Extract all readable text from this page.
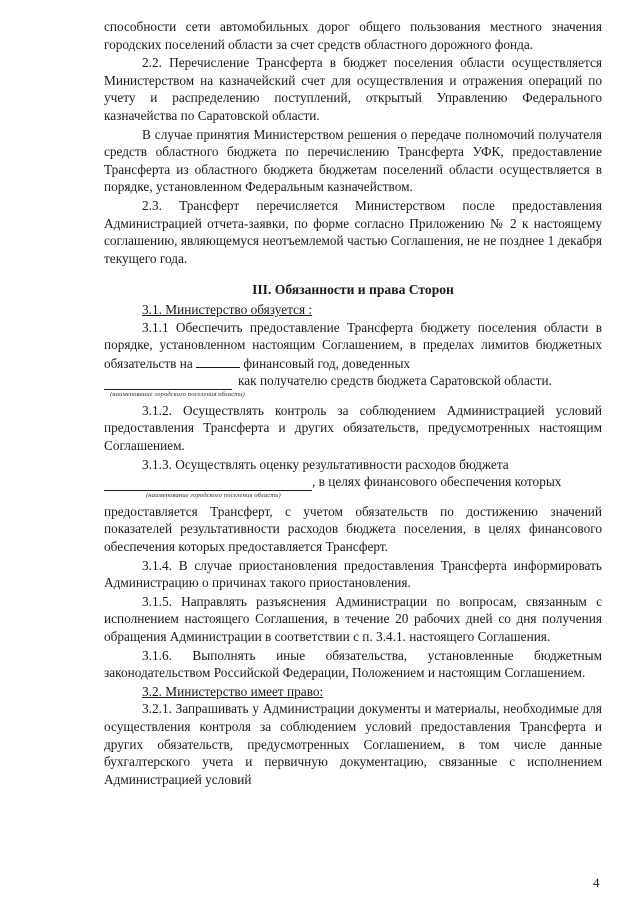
способности сети автомобильных дорог общего пользования местного значения городских поселений области за счет средств областного дорожного фонда.

2.2. Перечисление Трансферта в бюджет поселения области осуществляется Министерством на казначейский счет для осуществления и отражения операций по учету и распределению поступлений, открытый Управлению Федерального казначейства по Саратовской области.

В случае принятия Министерством решения о передаче полномочий получателя средств областного бюджета по перечислению Трансферта УФК, предоставление Трансферта из областного бюджета бюджетам поселений области осуществляется в порядке, установленном Федеральным казначейством.

2.3. Трансферт перечисляется Министерством после предоставления Администрацией отчета-заявки, по форме согласно Приложению № 2 к настоящему соглашению, являющемуся неотъемлемой частью Соглашения, не не позднее 1 декабря текущего года.

III. Обязанности и права Сторон

3.1. Министерство обязуется :

3.1.1 Обеспечить предоставление Трансферта бюджету поселения области в порядке, установленном настоящим Соглашением, в пределах лимитов бюджетных обязательств на	финансовый год, доведенных

как получателю средств бюджета Саратовской области.
(наименование городского поселения области)

3.1.2. Осуществлять контроль за соблюдением Администрацией условий предоставления Трансферта и других обязательств, предусмотренных настоящим Соглашением.

3.1.3. Осуществлять оценку результативности расходов бюджета

, в целях финансового обеспечения которых
(наименование городского поселения области)

предоставляется Трансферт, с учетом обязательств по достижению значений показателей результативности расходов бюджета поселения, в целях финансового обеспечения которых предоставляется Трансферт.

3.1.4. В случае приостановления предоставления Трансферта информировать Администрацию о причинах такого приостановления.

3.1.5. Направлять разъяснения Администрации по вопросам, связанным с исполнением настоящего Соглашения, в течение 20 рабочих дней со дня получения обращения Администрации в соответствии с п. 3.4.1. настоящего Соглашения.

3.1.6. Выполнять иные обязательства, установленные бюджетным законодательством Российской Федерации, Положением и настоящим Соглашением.

3.2. Министерство имеет право:

3.2.1. Запрашивать у Администрации документы и материалы, необходимые для осуществления контроля за соблюдением условий предоставления Трансферта и других обязательств, предусмотренных Соглашением, в том числе данные бухгалтерского учета и первичную документацию, связанные с исполнением Администрацией условий

4
